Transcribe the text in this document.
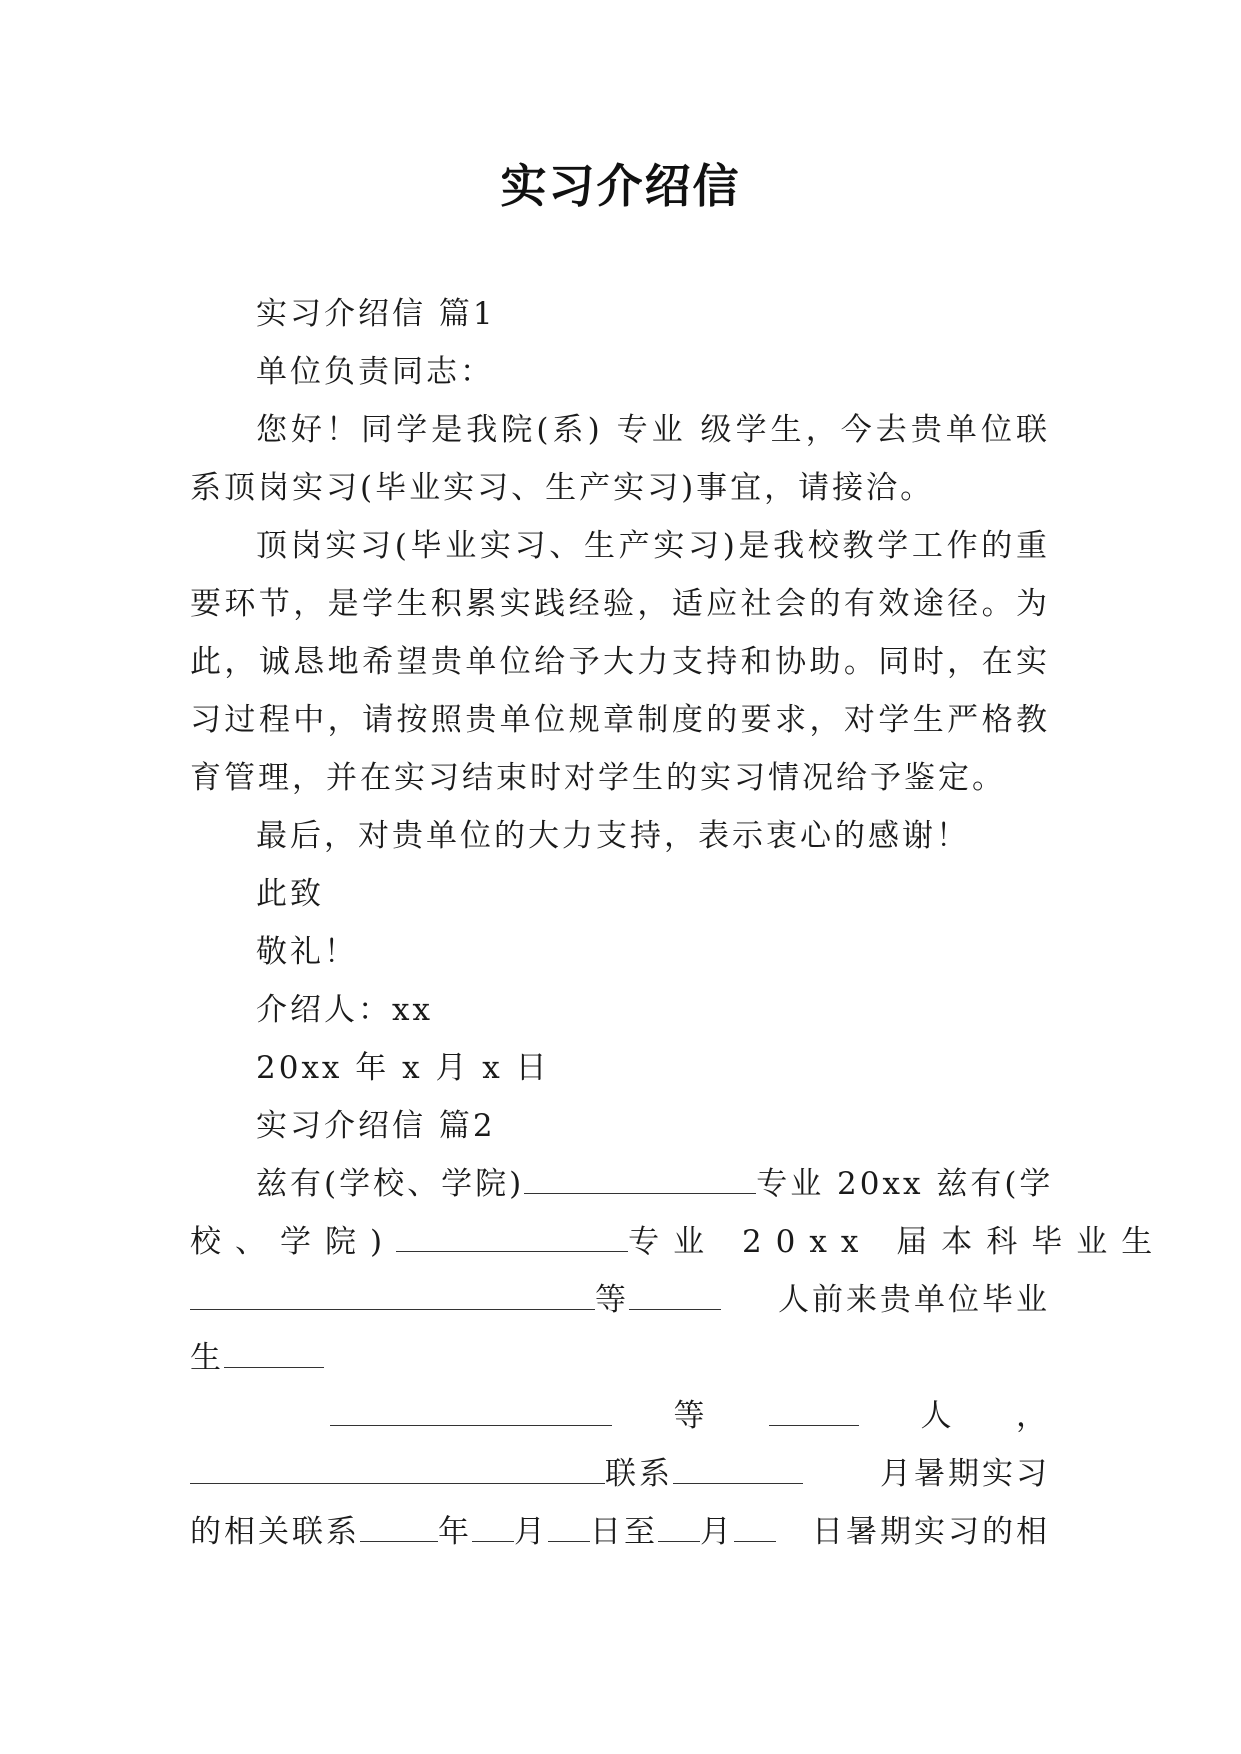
实习介绍信

实习介绍信 篇1

单位负责同志：

您好！同学是我院(系) 专业 级学生，今去贵单位联系顶岗实习(毕业实习、生产实习)事宜，请接洽。

顶岗实习(毕业实习、生产实习)是我校教学工作的重要环节，是学生积累实践经验，适应社会的有效途径。为此，诚恳地希望贵单位给予大力支持和协助。同时，在实习过程中，请按照贵单位规章制度的要求，对学生严格教育管理，并在实习结束时对学生的实习情况给予鉴定。

最后，对贵单位的大力支持，表示衷心的感谢！

此致

敬礼！

介绍人：xx

20xx 年 x 月 x 日

实习介绍信 篇2

兹有(学校、学院)	专业 20xx 兹有(学
校、学院)	专业 20xx 届本科毕业生
等	人前来贵单位毕业
生
等	人 ，
联系	月暑期实习
的相关联系	年 月 日至 月	日暑期实习的相
